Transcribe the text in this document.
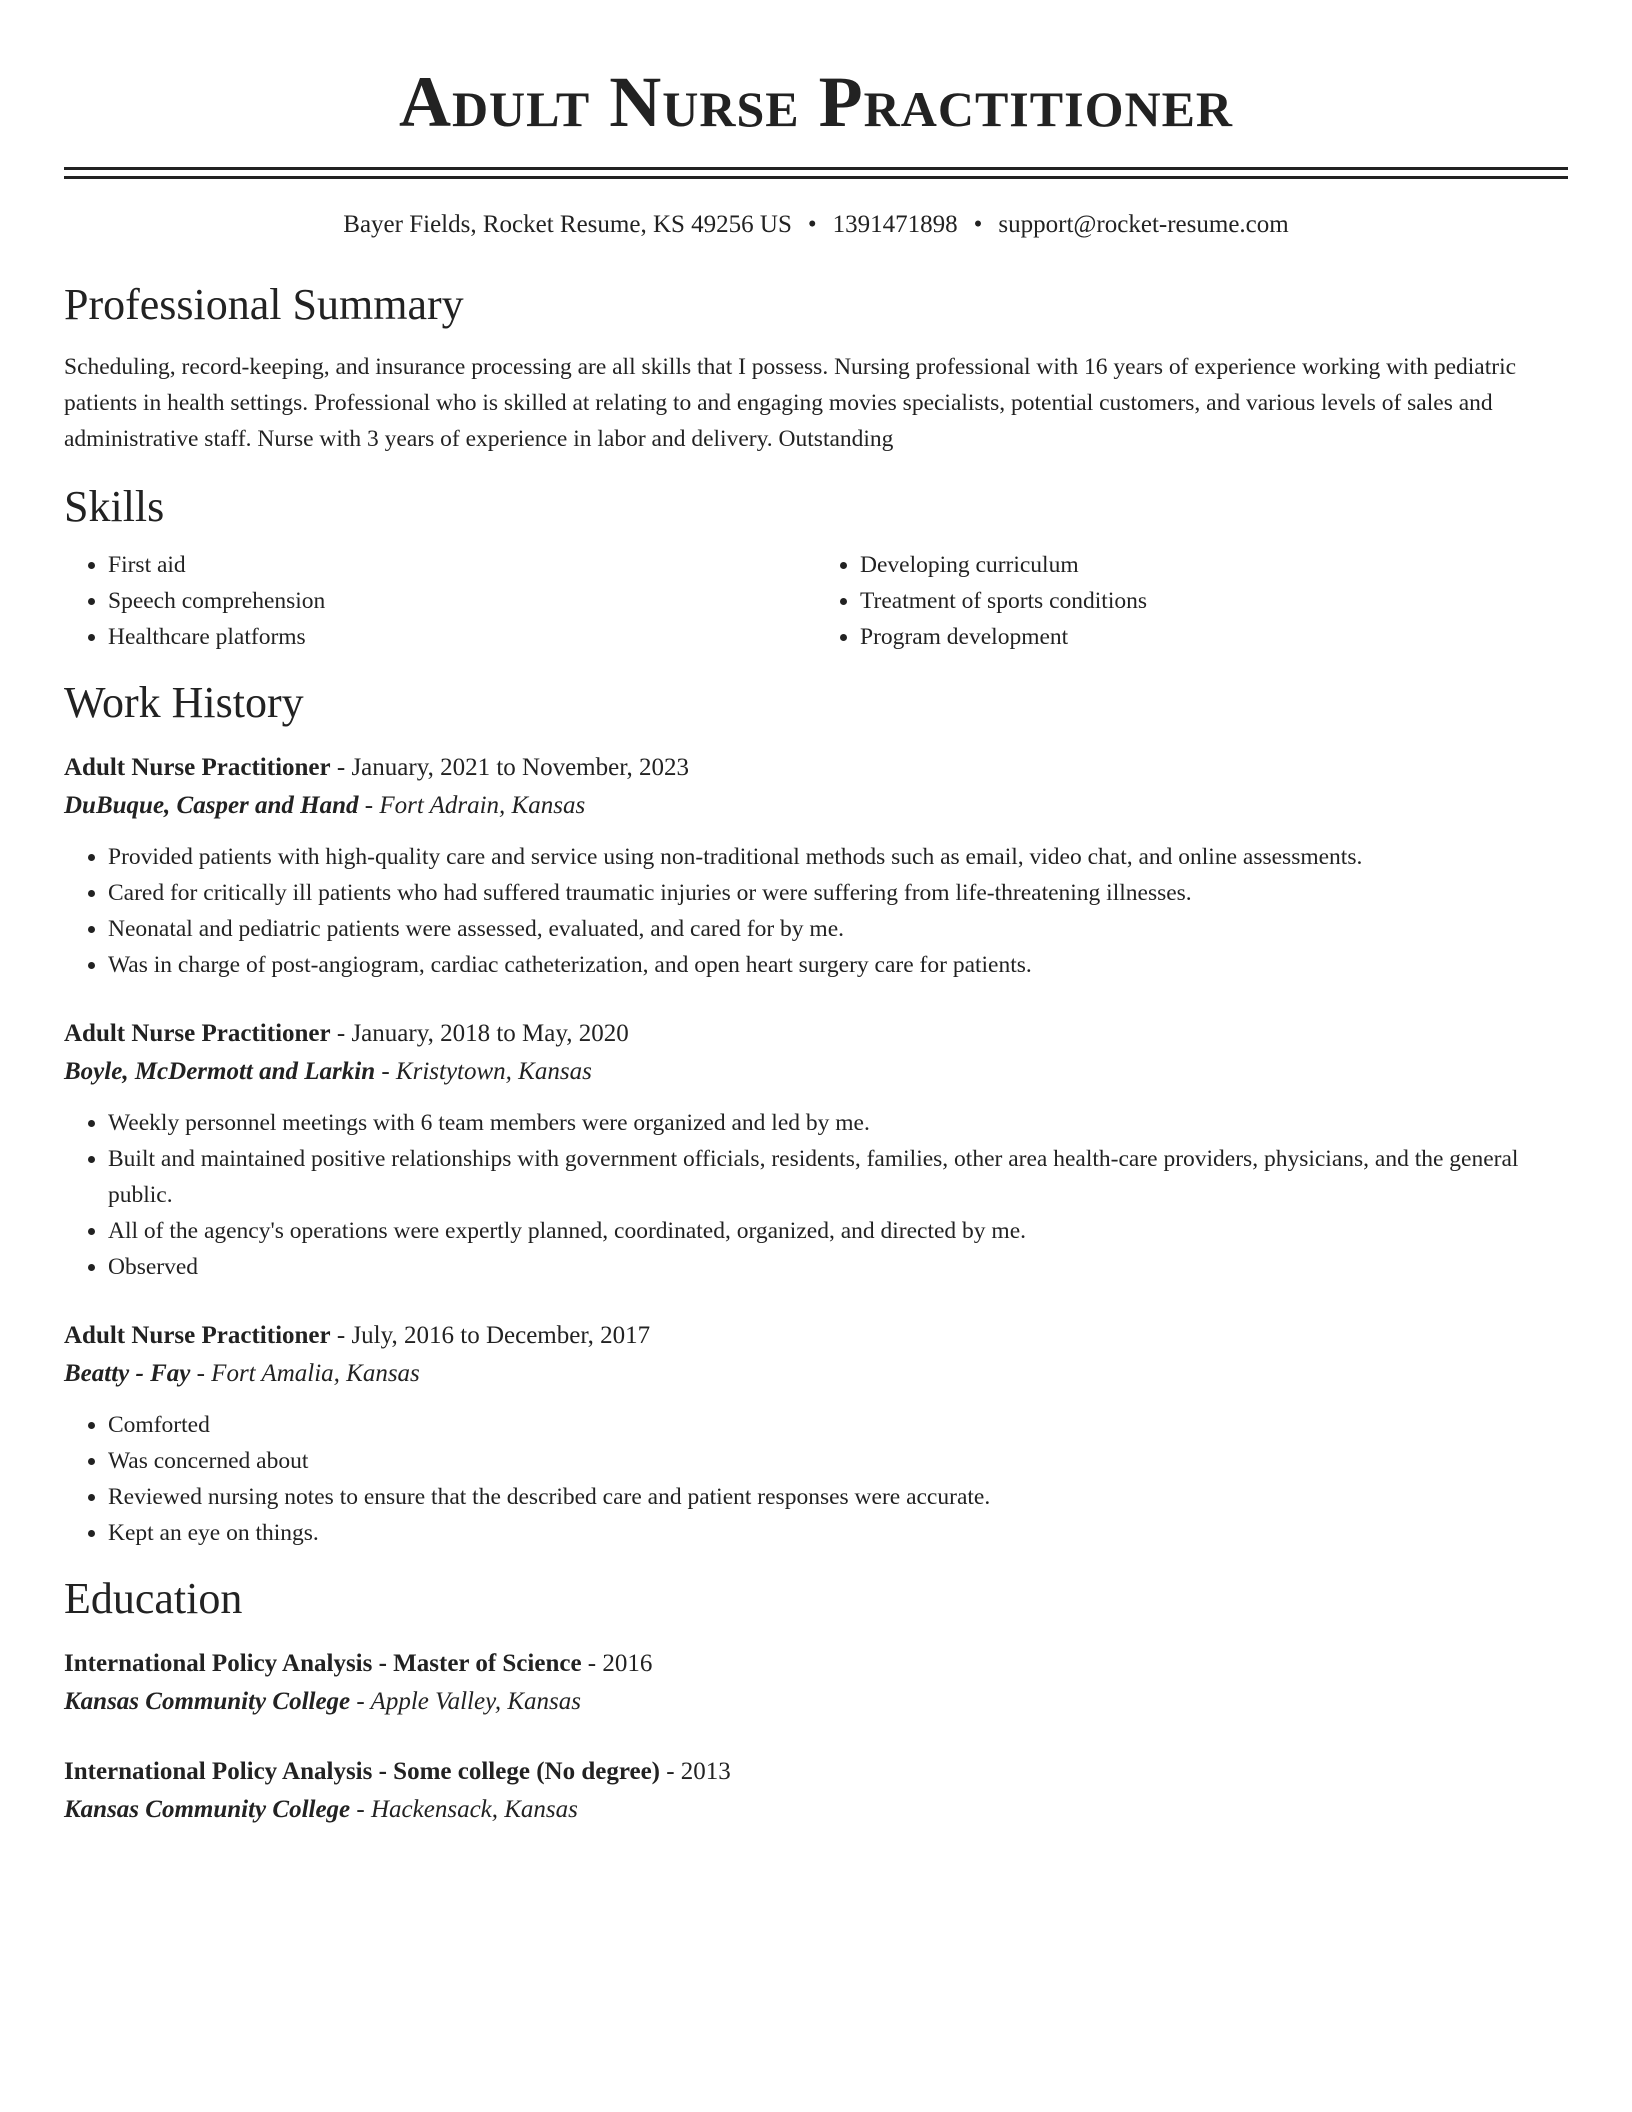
Adult Nurse Practitioner
Bayer Fields, Rocket Resume, KS 49256 US • 1391471898 • support@rocket-resume.com
Professional Summary
Scheduling, record-keeping, and insurance processing are all skills that I possess. Nursing professional with 16 years of experience working with pediatric patients in health settings. Professional who is skilled at relating to and engaging movies specialists, potential customers, and various levels of sales and administrative staff. Nurse with 3 years of experience in labor and delivery. Outstanding
Skills
• First aid
• Speech comprehension
• Healthcare platforms
• Developing curriculum
• Treatment of sports conditions
• Program development
Work History
Adult Nurse Practitioner - January, 2021 to November, 2023
DuBuque, Casper and Hand - Fort Adrain, Kansas
• Provided patients with high-quality care and service using non-traditional methods such as email, video chat, and online assessments.
• Cared for critically ill patients who had suffered traumatic injuries or were suffering from life-threatening illnesses.
• Neonatal and pediatric patients were assessed, evaluated, and cared for by me.
• Was in charge of post-angiogram, cardiac catheterization, and open heart surgery care for patients.
Adult Nurse Practitioner - January, 2018 to May, 2020
Boyle, McDermott and Larkin - Kristytown, Kansas
• Weekly personnel meetings with 6 team members were organized and led by me.
• Built and maintained positive relationships with government officials, residents, families, other area health-care providers, physicians, and the general public.
• All of the agency's operations were expertly planned, coordinated, organized, and directed by me.
• Observed
Adult Nurse Practitioner - July, 2016 to December, 2017
Beatty - Fay - Fort Amalia, Kansas
• Comforted
• Was concerned about
• Reviewed nursing notes to ensure that the described care and patient responses were accurate.
• Kept an eye on things.
Education
International Policy Analysis - Master of Science - 2016
Kansas Community College - Apple Valley, Kansas
International Policy Analysis - Some college (No degree) - 2013
Kansas Community College - Hackensack, Kansas
